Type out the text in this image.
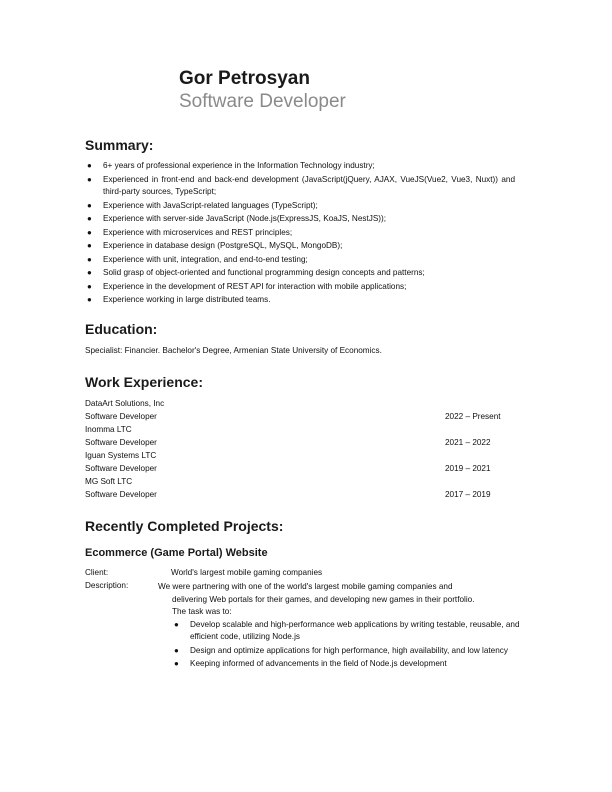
Gor Petrosyan
Software Developer
Summary:
● 6+ years of professional experience in the Information Technology industry;
● Experienced in front-end and back-end development (JavaScript(jQuery, AJAX, VueJS(Vue2, Vue3, Nuxt)) and third-party sources, TypeScript;
● Experience with JavaScript-related languages (TypeScript);
● Experience with server-side JavaScript (Node.js(ExpressJS, KoaJS, NestJS));
● Experience with microservices and REST principles;
● Experience in database design (PostgreSQL, MySQL, MongoDB);
● Experience with unit, integration, and end-to-end testing;
● Solid grasp of object-oriented and functional programming design concepts and patterns;
● Experience in the development of REST API for interaction with mobile applications;
● Experience working in large distributed teams.
Education:
Specialist: Financier. Bachelor's Degree, Armenian State University of Economics.
Work Experience:
DataArt Solutions, Inc
Software Developer	2022 – Present
Inomma LTC
Software Developer	2021 – 2022
Iguan Systems LTC
Software Developer	2019 – 2021
MG Soft LTC
Software Developer	2017 – 2019
Recently Completed Projects:
Ecommerce (Game Portal) Website
Client:	World's largest mobile gaming companies
Description:	We were partnering with one of the world's largest mobile gaming companies and
delivering Web portals for their games, and developing new games in their portfolio.
The task was to:
● Develop scalable and high-performance web applications by writing testable, reusable, and efficient code, utilizing Node.js
● Design and optimize applications for high performance, high availability, and low latency
● Keeping informed of advancements in the field of Node.js development
